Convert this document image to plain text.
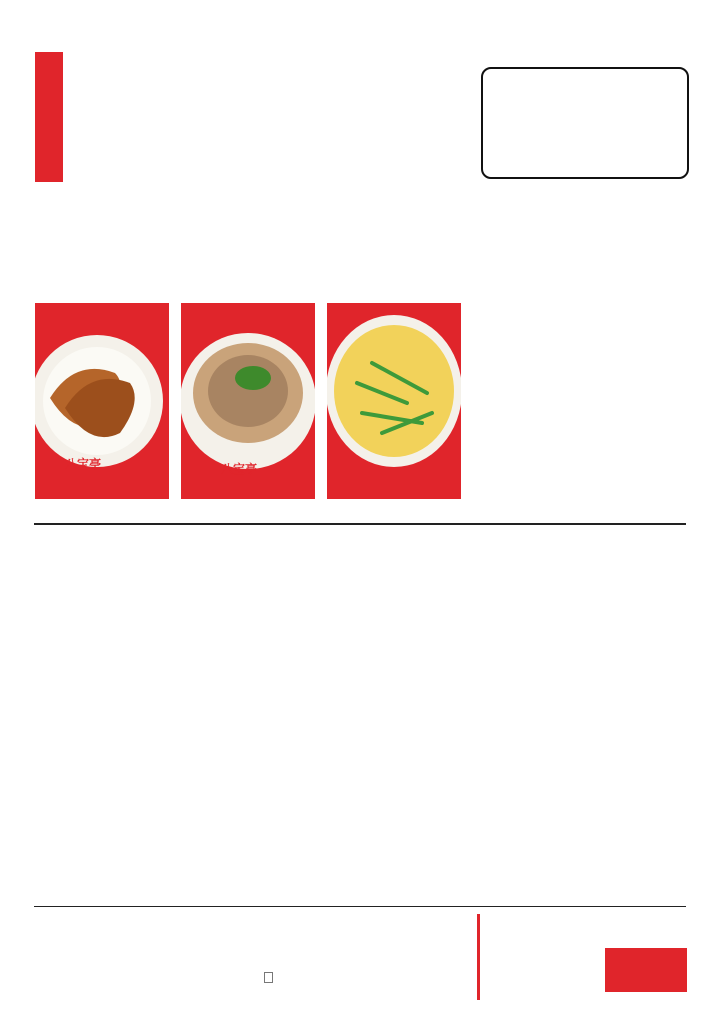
八宝亭	八宝亭
